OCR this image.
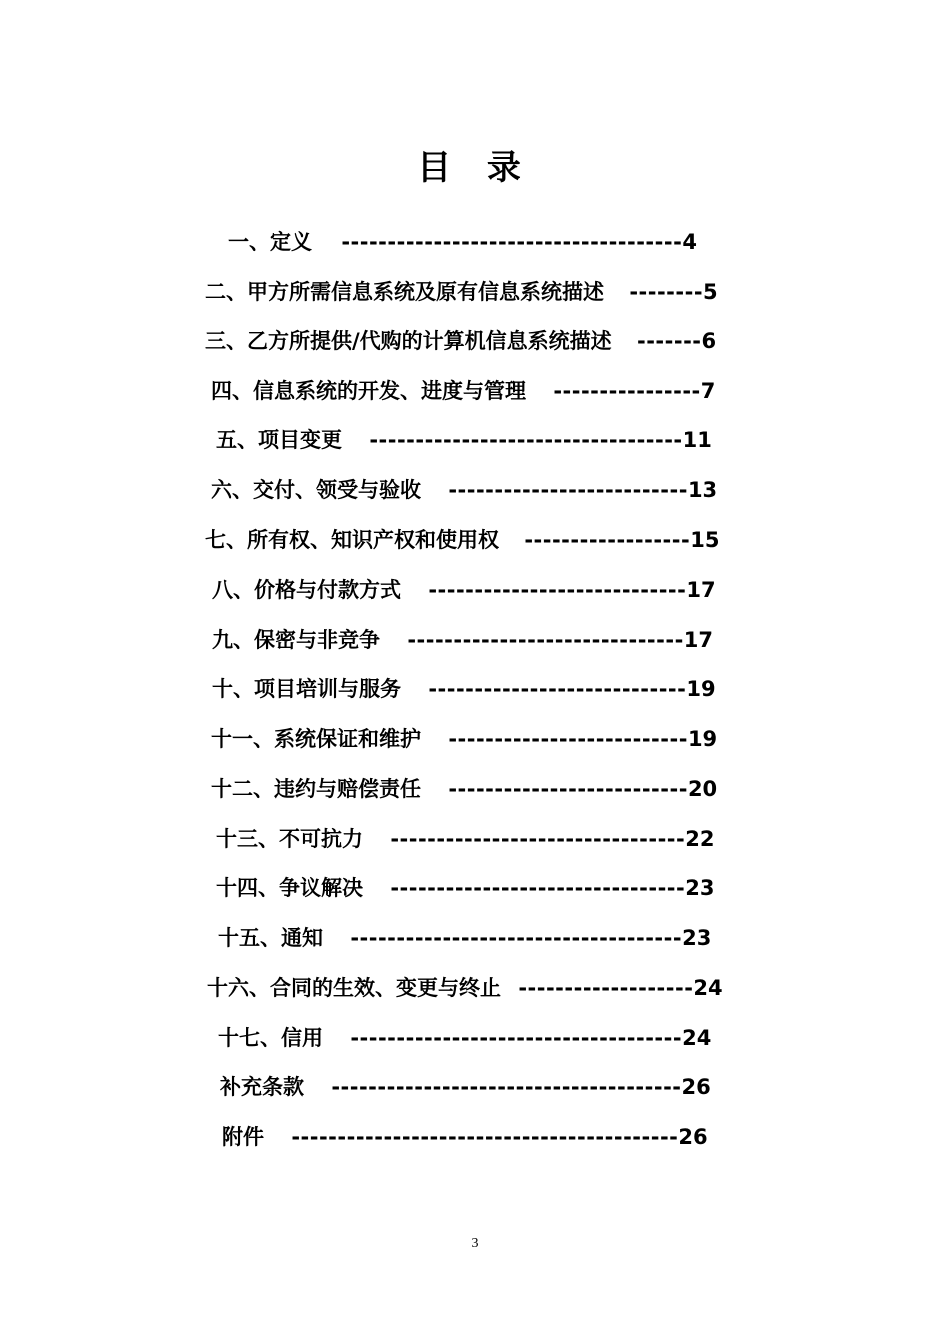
目 录
一、定义 -------------------------------------4
二、甲方所需信息系统及原有信息系统描述 --------5
三、乙方所提供/代购的计算机信息系统描述 -------6
四、信息系统的开发、进度与管理 ----------------7
五、项目变更 ----------------------------------11
六、交付、领受与验收 --------------------------13
七、所有权、知识产权和使用权 ------------------15
八、价格与付款方式 ----------------------------17
九、保密与非竞争 ------------------------------17
十、项目培训与服务 ----------------------------19
十一、系统保证和维护 --------------------------19
十二、违约与赔偿责任 --------------------------20
十三、不可抗力 --------------------------------22
十四、争议解决 --------------------------------23
十五、通知 ------------------------------------23
十六、合同的生效、变更与终止 -------------------24
十七、信用 ------------------------------------24
补充条款 --------------------------------------26
附件 ------------------------------------------26
3
